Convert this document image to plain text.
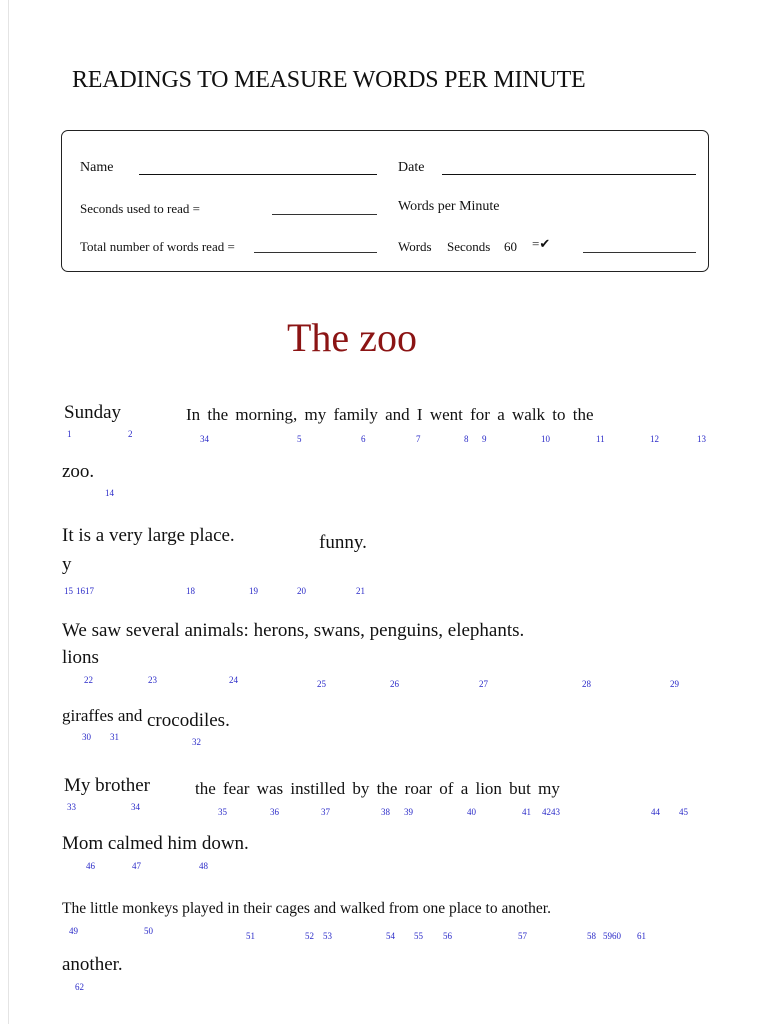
READINGS TO MEASURE WORDS PER MINUTE
Name	Date
Seconds used to read =	Words per Minute
Total number of words read =	Words Seconds 60 =✔
The zoo
Sunday	In the morning, my family and I went for a walk to the
zoo.
It is a very large place.	funny.
y
We saw several animals: herons, swans, penguins, elephants.
lions
giraffes and crocodiles.
My brother	the fear was instilled by the roar of a lion but my
Mom calmed him down.
The little monkeys played in their cages and walked from one place to another.
another.
1	2	34	5	6	7	8 9	10	11	12	13
14
15 1617	18	19	20	21
22	23	24	25	26	27	28	29
30 31	32
33	34	35	36	37	38 39	40	41 4243	44 45
46	47	48
49	50	51	52 53	54 55 56	57	58 5960 61
62
